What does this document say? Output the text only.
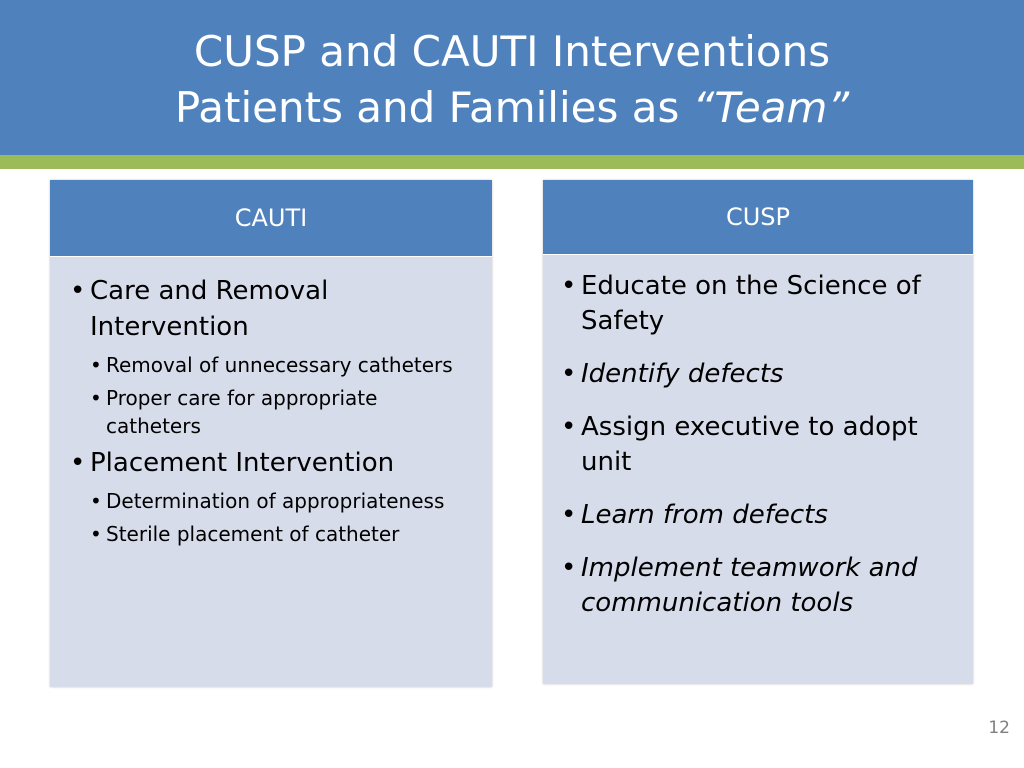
CUSP and CAUTI Interventions
Patients and Families as “Team”
CAUTI
• Care and Removal Intervention
• Removal of unnecessary catheters
• Proper care for appropriate catheters
• Placement Intervention
• Determination of appropriateness
• Sterile placement of catheter
CUSP
• Educate on the Science of Safety
• Identify defects
• Assign executive to adopt unit
• Learn from defects
• Implement teamwork and communication tools
12
